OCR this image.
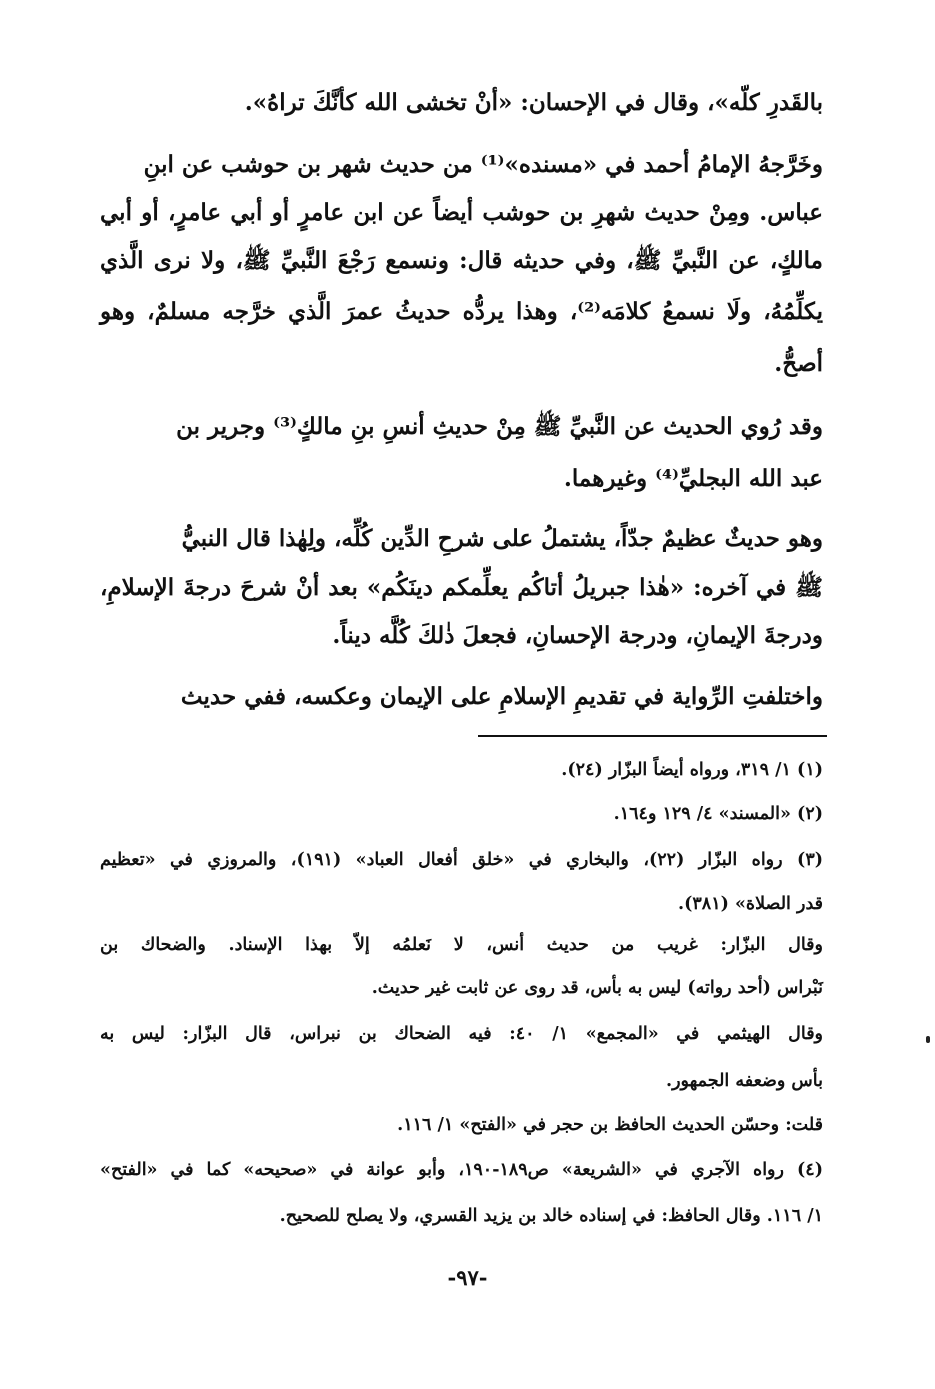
بالقَدرِ كلّه»، وقال في الإحسان: «أنْ تخشى الله كأنَّكَ تراهُ».

وخَرَّجهُ الإمامُ أحمد في «مسنده»⁽¹⁾ من حديث شهر بن حوشب عن ابنِ

عباس. ومِنْ حديث شهرِ بن حوشب أيضاً عن ابن عامرٍ أو أبي عامرٍ، أو أبي

مالكٍ، عن النَّبيِّ ﷺ، وفي حديثه قال: ونسمع رَجْعَ النَّبيِّ ﷺ، ولا نرى الَّذي

يكلِّمُهُ، ولَا نسمعُ كلامَه⁽²⁾، وهذا يردُّه حديثُ عمرَ الَّذي خرَّجه مسلمٌ، وهو

أصحُّ.

وقد رُوي الحديث عن النَّبيِّ ﷺ مِنْ حديثِ أنسِ بنِ مالكٍ⁽³⁾ وجرير بن

عبد الله البجليِّ⁽⁴⁾ وغيرهما.

وهو حديثٌ عظيمٌ جدّاً، يشتملُ على شرحِ الدِّين كُلِّه، ولِهٰذا قال النبيُّ

ﷺ في آخره: «هٰذا جبريلُ أتاكُم يعلِّمكم دينَكُم» بعد أنْ شرحَ درجةَ الإسلامِ،

ودرجةَ الإيمانِ، ودرجة الإحسانِ، فجعلَ ذٰلكَ كُلَّه ديناً.

واختلفتِ الرِّواية في تقديمِ الإسلامِ على الإيمان وعكسه، ففي حديث

(١) ١/ ٣١٩، ورواه أيضاً البزّار (٢٤).

(٢) «المسند» ٤/ ١٢٩ و١٦٤.

(٣) رواه البزّار (٢٢)، والبخاري في «خلق أفعال العباد» (١٩١)، والمروزي في «تعظيم

قدر الصلاة» (٣٨١).

وقال البزّار: غريب من حديث أنس، لا نَعلمُه إلاّ بهذا الإسناد. والضحاك بن

نَبْراس (أحد رواته) ليس به بأس، قد روى عن ثابت غير حديث.

وقال الهيثمي في «المجمع» ١/ ٤٠: فيه الضحاك بن نبراس، قال البزّار: ليس به

بأس وضعفه الجمهور.

قلت: وحسّن الحديث الحافظ بن حجر في «الفتح» ١/ ١١٦.

(٤) رواه الآجري في «الشريعة» ص١٨٩-١٩٠، وأبو عوانة في «صحيحه» كما في «الفتح»

١/ ١١٦. وقال الحافظ: في إسناده خالد بن يزيد القسري، ولا يصلح للصحيح.

-٩٧-
